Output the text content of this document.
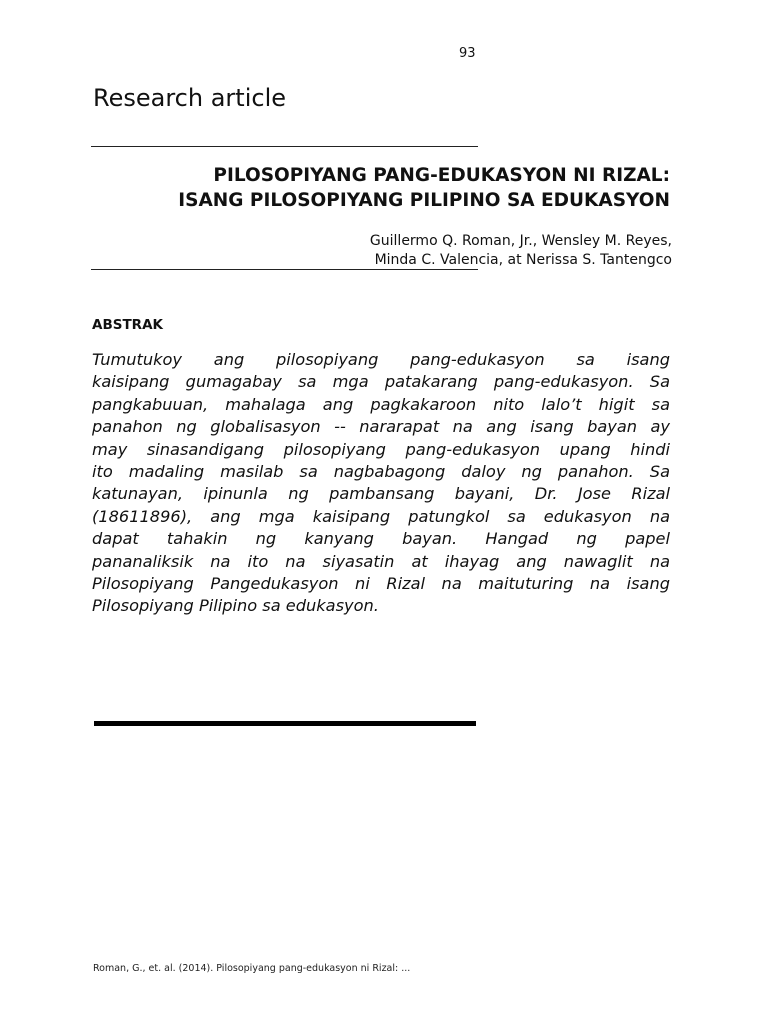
93
Research article
PILOSOPIYANG PANG-EDUKASYON NI RIZAL:
ISANG PILOSOPIYANG PILIPINO SA EDUKASYON
Guillermo Q. Roman, Jr., Wensley M. Reyes,
Minda C. Valencia, at Nerissa S. Tantengco
ABSTRAK
Tumutukoy ang pilosopiyang pang-edukasyon sa isang
kaisipang gumagabay sa mga patakarang pang-edukasyon. Sa
pangkabuuan, mahalaga ang pagkakaroon nito lalo’t higit sa
panahon ng globalisasyon -- nararapat na ang isang bayan ay
may sinasandigang pilosopiyang pang-edukasyon upang hindi
ito madaling masilab sa nagbabagong daloy ng panahon. Sa
katunayan, ipinunla ng pambansang bayani, Dr. Jose Rizal
(18611896), ang mga kaisipang patungkol sa edukasyon na
dapat tahakin ng kanyang bayan. Hangad ng papel
pananaliksik na ito na siyasatin at ihayag ang nawaglit na
Pilosopiyang Pangedukasyon ni Rizal na maituturing na isang
Pilosopiyang Pilipino sa edukasyon.
Roman, G., et. al. (2014). Pilosopiyang pang-edukasyon ni Rizal: ...
